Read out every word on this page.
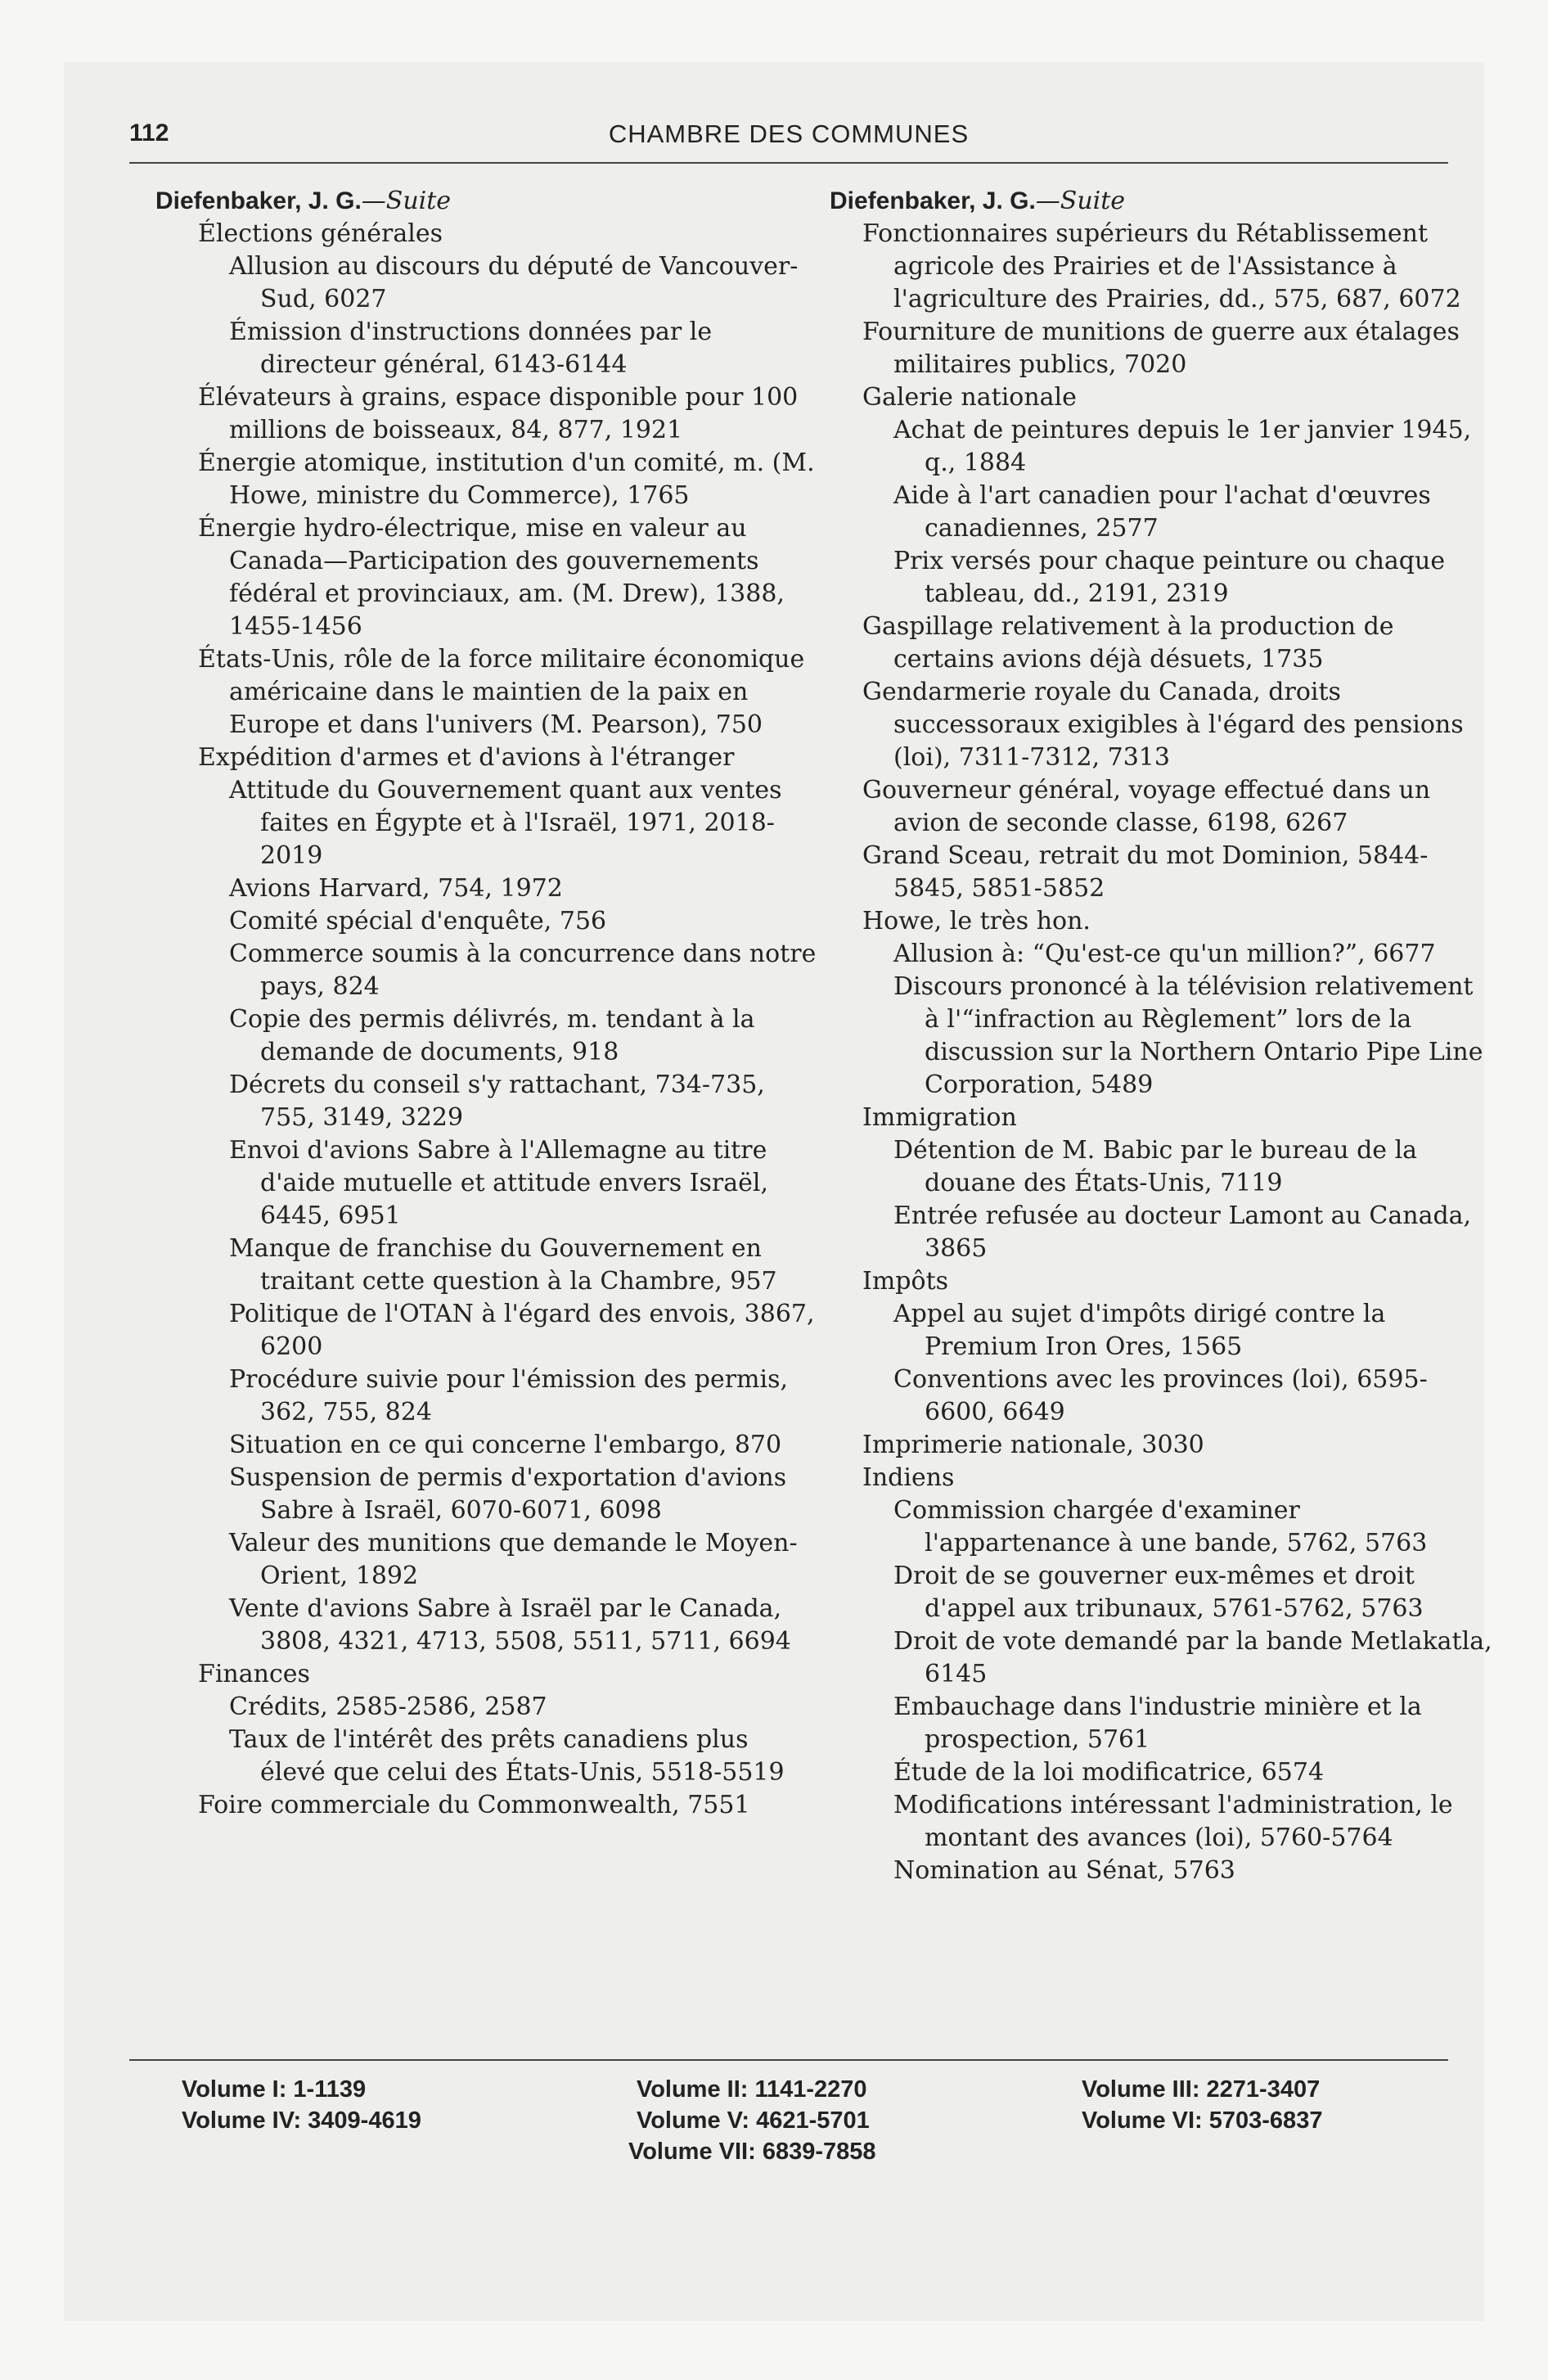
112	CHAMBRE DES COMMUNES
Diefenbaker, J. G.—Suite
Élections générales
Allusion au discours du député de Vancouver-Sud, 6027
Émission d'instructions données par le directeur général, 6143-6144
Élévateurs à grains, espace disponible pour 100 millions de boisseaux, 84, 877, 1921
Énergie atomique, institution d'un comité, m. (M. Howe, ministre du Commerce), 1765
Énergie hydro-électrique, mise en valeur au Canada—Participation des gouvernements fédéral et provinciaux, am. (M. Drew), 1388, 1455-1456
États-Unis, rôle de la force militaire économique américaine dans le maintien de la paix en Europe et dans l'univers (M. Pearson), 750
Expédition d'armes et d'avions à l'étranger
Attitude du Gouvernement quant aux ventes faites en Égypte et à l'Israël, 1971, 2018-2019
Avions Harvard, 754, 1972
Comité spécial d'enquête, 756
Commerce soumis à la concurrence dans notre pays, 824
Copie des permis délivrés, m. tendant à la demande de documents, 918
Décrets du conseil s'y rattachant, 734-735, 755, 3149, 3229
Envoi d'avions Sabre à l'Allemagne au titre d'aide mutuelle et attitude envers Israël, 6445, 6951
Manque de franchise du Gouvernement en traitant cette question à la Chambre, 957
Politique de l'OTAN à l'égard des envois, 3867, 6200
Procédure suivie pour l'émission des permis, 362, 755, 824
Situation en ce qui concerne l'embargo, 870
Suspension de permis d'exportation d'avions Sabre à Israël, 6070-6071, 6098
Valeur des munitions que demande le Moyen-Orient, 1892
Vente d'avions Sabre à Israël par le Canada, 3808, 4321, 4713, 5508, 5511, 5711, 6694
Finances
Crédits, 2585-2586, 2587
Taux de l'intérêt des prêts canadiens plus élevé que celui des États-Unis, 5518-5519
Foire commerciale du Commonwealth, 7551
Diefenbaker, J. G.—Suite
Fonctionnaires supérieurs du Rétablissement agricole des Prairies et de l'Assistance à l'agriculture des Prairies, dd., 575, 687, 6072
Fourniture de munitions de guerre aux étalages militaires publics, 7020
Galerie nationale
Achat de peintures depuis le 1er janvier 1945, q., 1884
Aide à l'art canadien pour l'achat d'œuvres canadiennes, 2577
Prix versés pour chaque peinture ou chaque tableau, dd., 2191, 2319
Gaspillage relativement à la production de certains avions déjà désuets, 1735
Gendarmerie royale du Canada, droits successoraux exigibles à l'égard des pensions (loi), 7311-7312, 7313
Gouverneur général, voyage effectué dans un avion de seconde classe, 6198, 6267
Grand Sceau, retrait du mot Dominion, 5844-5845, 5851-5852
Howe, le très hon.
Allusion à: “Qu'est-ce qu'un million?”, 6677
Discours prononcé à la télévision relativement à l'“infraction au Règlement” lors de la discussion sur la Northern Ontario Pipe Line Corporation, 5489
Immigration
Détention de M. Babic par le bureau de la douane des États-Unis, 7119
Entrée refusée au docteur Lamont au Canada, 3865
Impôts
Appel au sujet d'impôts dirigé contre la Premium Iron Ores, 1565
Conventions avec les provinces (loi), 6595-6600, 6649
Imprimerie nationale, 3030
Indiens
Commission chargée d'examiner l'appartenance à une bande, 5762, 5763
Droit de se gouverner eux-mêmes et droit d'appel aux tribunaux, 5761-5762, 5763
Droit de vote demandé par la bande Metlakatla, 6145
Embauchage dans l'industrie minière et la prospection, 5761
Étude de la loi modificatrice, 6574
Modifications intéressant l'administration, le montant des avances (loi), 5760-5764
Nomination au Sénat, 5763
Volume I: 1-1139	Volume II: 1141-2270	Volume III: 2271-3407
Volume IV: 3409-4619	Volume V: 4621-5701	Volume VI: 5703-6837
Volume VII: 6839-7858
